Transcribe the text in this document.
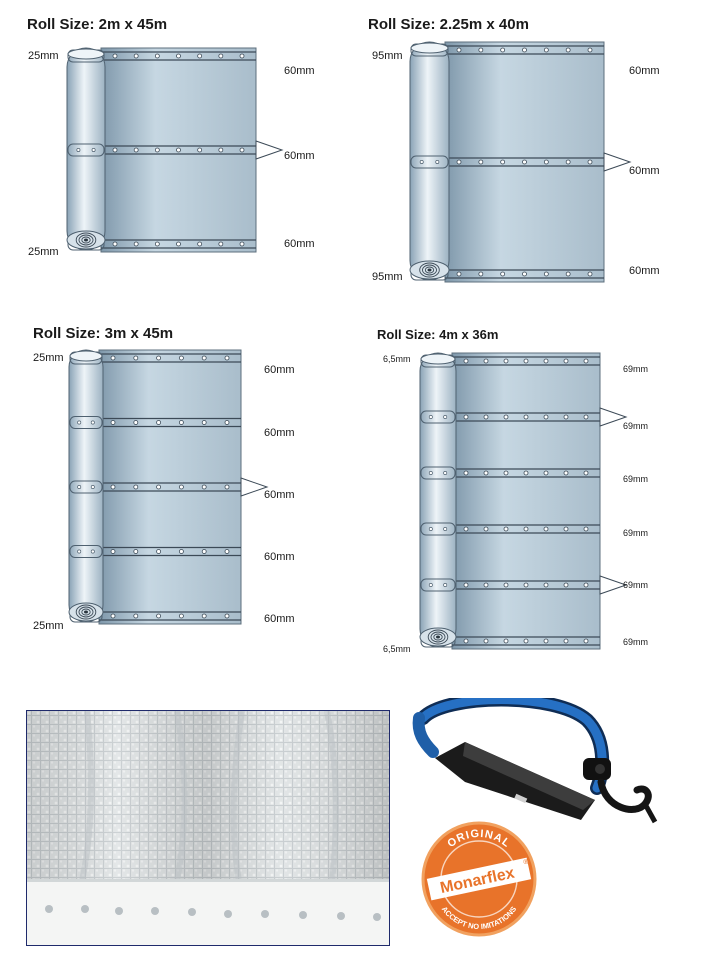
Roll Size: 2m x 45m
25mm
25mm
60mm
60mm
60mm
Roll Size: 2.25m x 40m
95mm
95mm
60mm
60mm
60mm
Roll Size: 3m x 45m
25mm
25mm
60mm
60mm
60mm
60mm
60mm
Roll Size: 4m x 36m
6,5mm
6,5mm
69mm
69mm
69mm
69mm
69mm
69mm
ORIGINAL
Monarflex
®
ACCEPT NO IMITATIONS
